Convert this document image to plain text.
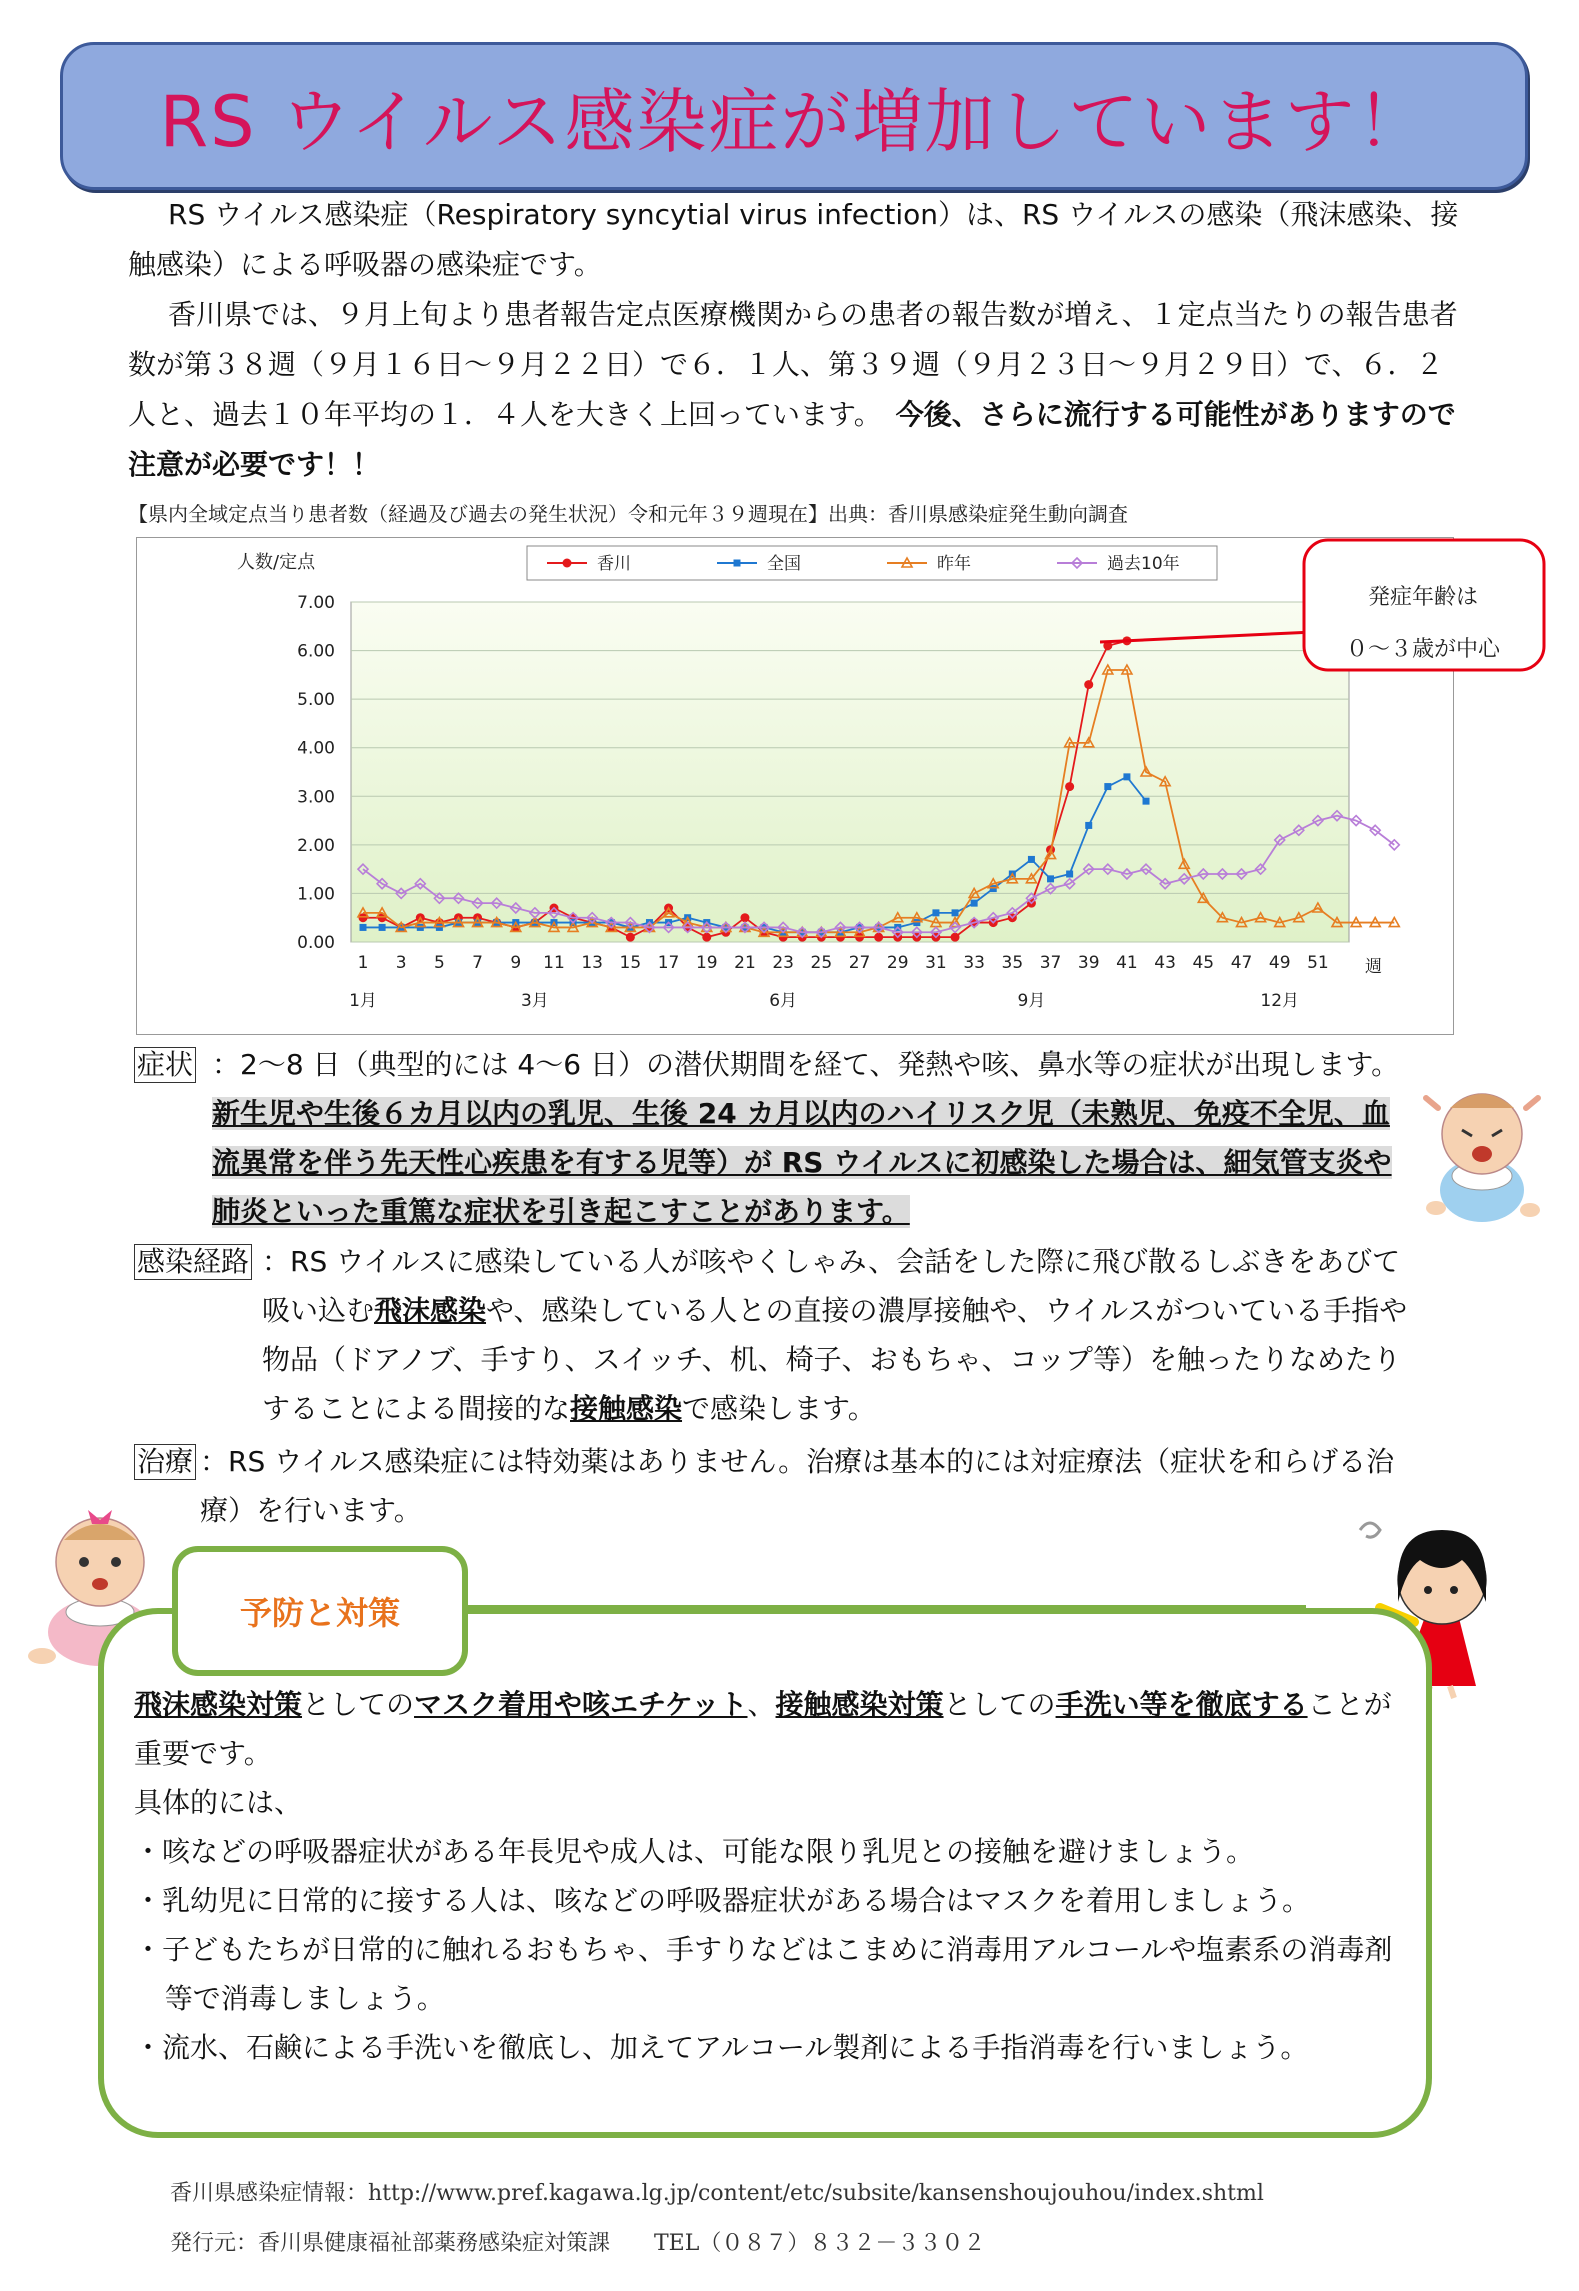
RS ウイルス感染症が増加しています！

RS ウイルス感染症（Respiratory syncytial virus infection）は、RS ウイルスの感染（飛沫感染、接触感染）による呼吸器の感染症です。

香川県では、９月上旬より患者報告定点医療機関からの患者の報告数が増え、１定点当たりの報告患者数が第３８週（９月１６日～９月２２日）で６．１人、第３９週（９月２３日～９月２９日）で、６．２人と、過去１０年平均の１．４人を大きく上回っています。　 今後、さらに流行する可能性がありますので注意が必要です！！

【県内全域定点当り患者数（経過及び過去の発生状況）令和元年３９週現在】出典：香川県感染症発生動向調査
0.00
1.00
2.00
3.00
4.00
5.00
6.00
7.00
1 3 5 7 9 11 13 15 17 19 21 23 25 27 29 31 33 35 37 39 41 43 45 47 49 51 週
1月	3月	6月	9月	12月
人数/定点	香川	全国	昨年	過去10年
発症年齢は
０～３歳が中心
症状 ：2～8 日（典型的には 4～6 日）の潜伏期間を経て、発熱や咳、鼻水等の症状が出現します。新生児や生後６カ月以内の乳児、生後 24 カ月以内のハイリスク児（未熟児、免疫不全児、血流異常を伴う先天性心疾患を有する児等）が RS ウイルスに初感染した場合は、細気管支炎や肺炎といった重篤な症状を引き起こすことがあります。
感染経路 ：RS ウイルスに感染している人が咳やくしゃみ、会話をした際に飛び散るしぶきをあびて吸い込む飛沫感染や、感染している人との直接の濃厚接触や、ウイルスがついている手指や物品（ドアノブ、手すり、スイッチ、机、椅子、おもちゃ、コップ等）を触ったりなめたりすることによる間接的な接触感染で感染します。
治療 ：RS ウイルス感染症には特効薬はありません。治療は基本的には対症療法（症状を和らげる治療）を行います。
予防と対策
飛沫感染対策としてのマスク着用や咳エチケット、接触感染対策としての手洗い等を徹底することが重要です。
具体的には、
・咳などの呼吸器症状がある年長児や成人は、可能な限り乳児との接触を避けましょう。
・乳幼児に日常的に接する人は、咳などの呼吸器症状がある場合はマスクを着用しましょう。
・子どもたちが日常的に触れるおもちゃ、手すりなどはこまめに消毒用アルコールや塩素系の消毒剤等で消毒しましょう。
・流水、石鹸による手洗いを徹底し、加えてアルコール製剤による手指消毒を行いましょう。
香川県感染症情報：http://www.pref.kagawa.lg.jp/content/etc/subsite/kansenshoujouhou/index.shtml
発行元：香川県健康福祉部薬務感染症対策課　　TEL（０８７）８３２－３３０２
